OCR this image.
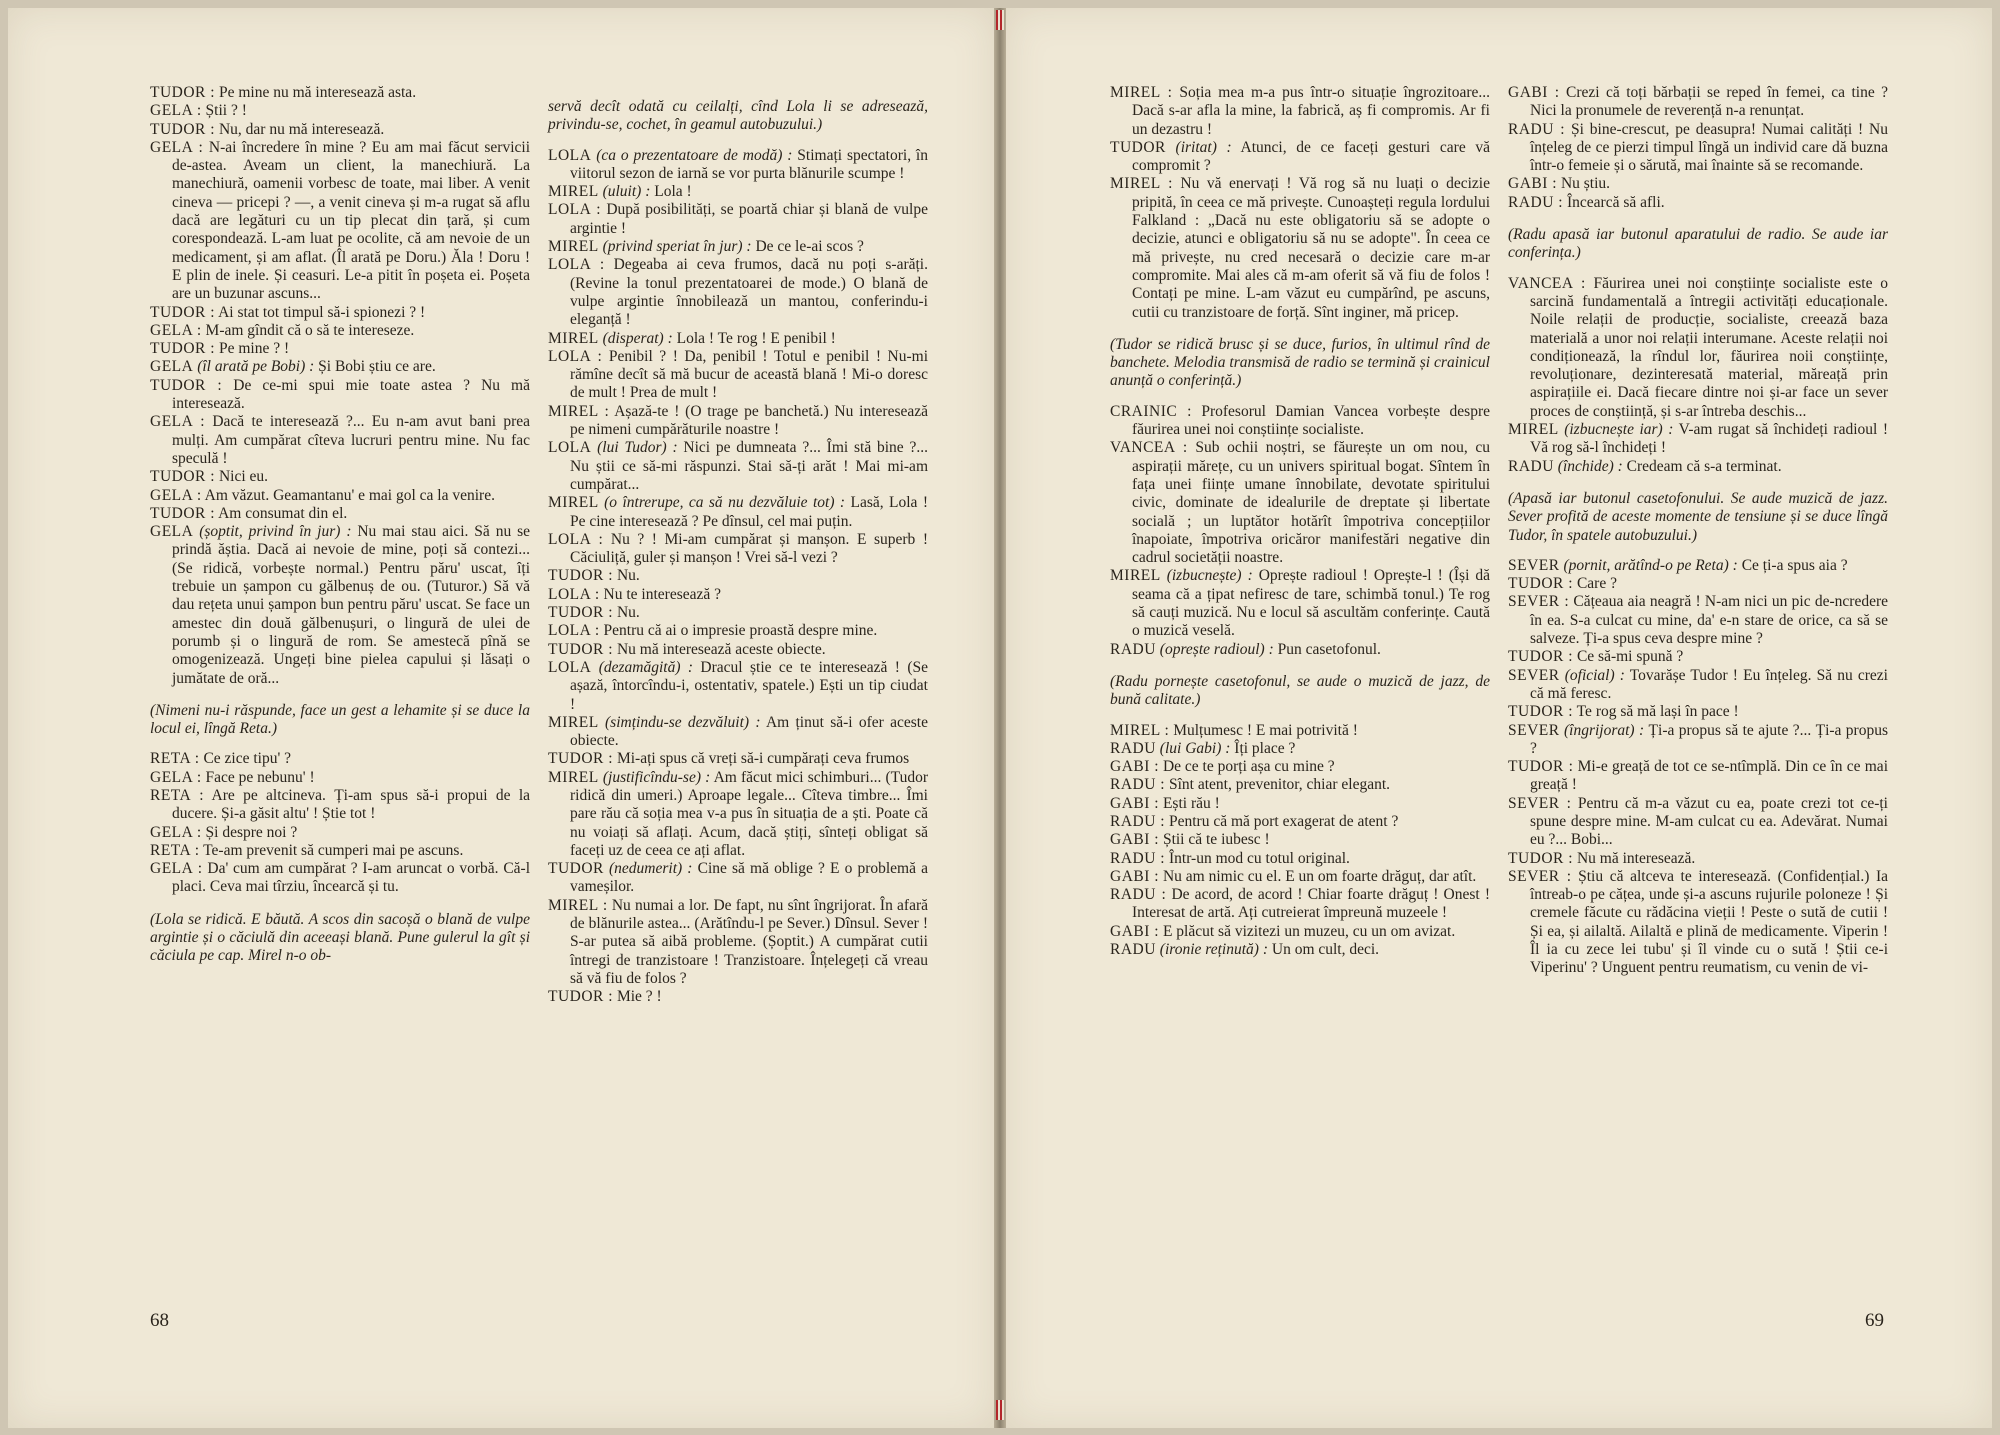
TUDOR : Pe mine nu mă interesează asta.

GELA : Știi ? !

TUDOR : Nu, dar nu mă interesează.

GELA : N-ai încredere în mine ? Eu am mai făcut servicii de-astea. Aveam un client, la manechiură. La manechiură, oamenii vorbesc de toate, mai liber. A venit cineva — pricepi ? —, a venit cineva și m-a rugat să aflu dacă are legături cu un tip plecat din țară, și cum corespondează. L-am luat pe ocolite, că am nevoie de un medicament, și am aflat. (Îl arată pe Doru.) Ăla ! Doru ! E plin de inele. Și ceasuri. Le-a pitit în poșeta ei. Poșeta are un buzunar ascuns...

TUDOR : Ai stat tot timpul să-i spionezi ? !

GELA : M-am gîndit că o să te intereseze.

TUDOR : Pe mine ? !

GELA (îl arată pe Bobi) : Și Bobi știu ce are.

TUDOR : De ce-mi spui mie toate astea ? Nu mă interesează.

GELA : Dacă te interesează ?... Eu n-am avut bani prea mulți. Am cumpărat cîteva lucruri pentru mine. Nu fac speculă !

TUDOR : Nici eu.

GELA : Am văzut. Geamantanu' e mai gol ca la venire.

TUDOR : Am consumat din el.

GELA (șoptit, privind în jur) : Nu mai stau aici. Să nu se prindă ăștia. Dacă ai nevoie de mine, poți să contezi... (Se ridică, vorbește normal.) Pentru păru' uscat, îți trebuie un șampon cu gălbenuș de ou. (Tuturor.) Să vă dau rețeta unui șampon bun pentru păru' uscat. Se face un amestec din două gălbenușuri, o lingură de ulei de porumb și o lingură de rom. Se amestecă pînă se omogenizează. Ungeți bine pielea capului și lăsați o jumătate de oră...

(Nimeni nu-i răspunde, face un gest a lehamite și se duce la locul ei, lîngă Reta.)

RETA : Ce zice tipu' ?

GELA : Face pe nebunu' !

RETA : Are pe altcineva. Ți-am spus să-i propui de la ducere. Și-a găsit altu' ! Știe tot !

GELA : Și despre noi ?

RETA : Te-am prevenit să cumperi mai pe ascuns.

GELA : Da' cum am cumpărat ? I-am aruncat o vorbă. Că-l placi. Ceva mai tîrziu, încearcă și tu.

(Lola se ridică. E băută. A scos din sacoșă o blană de vulpe argintie și o căciulă din aceeași blană. Pune gulerul la gît și căciula pe cap. Mirel n-o ob-

servă decît odată cu ceilalți, cînd Lola li se adresează, privindu-se, cochet, în geamul autobuzului.)

LOLA (ca o prezentatoare de modă) : Stimați spectatori, în viitorul sezon de iarnă se vor purta blănurile scumpe !

MIREL (uluit) : Lola !

LOLA : După posibilități, se poartă chiar și blană de vulpe argintie !

MIREL (privind speriat în jur) : De ce le-ai scos ?

LOLA : Degeaba ai ceva frumos, dacă nu poți s-arăți. (Revine la tonul prezentatoarei de mode.) O blană de vulpe argintie înnobilează un mantou, conferindu-i eleganță !

MIREL (disperat) : Lola ! Te rog ! E penibil !

LOLA : Penibil ? ! Da, penibil ! Totul e penibil ! Nu-mi rămîne decît să mă bucur de această blană ! Mi-o doresc de mult ! Prea de mult !

MIREL : Așază-te ! (O trage pe banchetă.) Nu interesează pe nimeni cumpărăturile noastre !

LOLA (lui Tudor) : Nici pe dumneata ?... Îmi stă bine ?... Nu știi ce să-mi răspunzi. Stai să-ți arăt ! Mai mi-am cumpărat...

MIREL (o întrerupe, ca să nu dezvăluie tot) : Lasă, Lola ! Pe cine interesează ? Pe dînsul, cel mai puțin.

LOLA : Nu ? ! Mi-am cumpărat și manșon. E superb ! Căciuliță, guler și manșon ! Vrei să-l vezi ?

TUDOR : Nu.

LOLA : Nu te interesează ?

TUDOR : Nu.

LOLA : Pentru că ai o impresie proastă despre mine.

TUDOR : Nu mă interesează aceste obiecte.

LOLA (dezamăgită) : Dracul știe ce te interesează ! (Se așază, întorcîndu-i, ostentativ, spatele.) Ești un tip ciudat !

MIREL (simțindu-se dezvăluit) : Am ținut să-i ofer aceste obiecte.

TUDOR : Mi-ați spus că vreți să-i cumpărați ceva frumos

MIREL (justificîndu-se) : Am făcut mici schimburi... (Tudor ridică din umeri.) Aproape legale... Cîteva timbre... Îmi pare rău că soția mea v-a pus în situația de a ști. Poate că nu voiați să aflați. Acum, dacă știți, sînteți obligat să faceți uz de ceea ce ați aflat.

TUDOR (nedumerit) : Cine să mă oblige ? E o problemă a vameșilor.

MIREL : Nu numai a lor. De fapt, nu sînt îngrijorat. În afară de blănurile astea... (Arătîndu-l pe Sever.) Dînsul. Sever ! S-ar putea să aibă probleme. (Șoptit.) A cumpărat cutii întregi de tranzistoare ! Tranzistoare. Înțelegeți că vreau să vă fiu de folos ?

TUDOR : Mie ? !

MIREL : Soția mea m-a pus într-o situație îngrozitoare... Dacă s-ar afla la mine, la fabrică, aș fi compromis. Ar fi un dezastru !

TUDOR (iritat) : Atunci, de ce faceți gesturi care vă compromit ?

MIREL : Nu vă enervați ! Vă rog să nu luați o decizie pripită, în ceea ce mă privește. Cunoașteți regula lordului Falkland : „Dacă nu este obligatoriu să se adopte o decizie, atunci e obligatoriu să nu se adopte". În ceea ce mă privește, nu cred necesară o decizie care m-ar compromite. Mai ales că m-am oferit să vă fiu de folos ! Contați pe mine. L-am văzut eu cumpărînd, pe ascuns, cutii cu tranzistoare de forță. Sînt inginer, mă pricep.

(Tudor se ridică brusc și se duce, furios, în ultimul rînd de banchete. Melodia transmisă de radio se termină și crainicul anunță o conferință.)

CRAINIC : Profesorul Damian Vancea vorbește despre făurirea unei noi conștiințe socialiste.

VANCEA : Sub ochii noștri, se făurește un om nou, cu aspirații mărețe, cu un univers spiritual bogat. Sîntem în fața unei ființe umane înnobilate, devotate spiritului civic, dominate de idealurile de dreptate și libertate socială ; un luptător hotărît împotriva concepțiilor înapoiate, împotriva oricăror manifestări negative din cadrul societății noastre.

MIREL (izbucnește) : Oprește radioul ! Oprește-l ! (Își dă seama că a țipat nefiresc de tare, schimbă tonul.) Te rog să cauți muzică. Nu e locul să ascultăm conferințe. Caută o muzică veselă.

RADU (oprește radioul) : Pun casetofonul.

(Radu pornește casetofonul, se aude o muzică de jazz, de bună calitate.)

MIREL : Mulțumesc ! E mai potrivită !

RADU (lui Gabi) : Îți place ?

GABI : De ce te porți așa cu mine ?

RADU : Sînt atent, prevenitor, chiar elegant.

GABI : Ești rău !

RADU : Pentru că mă port exagerat de atent ?

GABI : Știi că te iubesc !

RADU : Într-un mod cu totul original.

GABI : Nu am nimic cu el. E un om foarte drăguț, dar atît.

RADU : De acord, de acord ! Chiar foarte drăguț ! Onest ! Interesat de artă. Ați cutreierat împreună muzeele !

GABI : E plăcut să vizitezi un muzeu, cu un om avizat.

RADU (ironie reținută) : Un om cult, deci.

GABI : Crezi că toți bărbații se reped în femei, ca tine ? Nici la pronumele de reverență n-a renunțat.

RADU : Și bine-crescut, pe deasupra! Numai calități ! Nu înțeleg de ce pierzi timpul lîngă un individ care dă buzna într-o femeie și o sărută, mai înainte să se recomande.

GABI : Nu știu.

RADU : Încearcă să afli.

(Radu apasă iar butonul aparatului de radio. Se aude iar conferința.)

VANCEA : Făurirea unei noi conștiințe socialiste este o sarcină fundamentală a întregii activități educaționale. Noile relații de producție, socialiste, creează baza materială a unor noi relații interumane. Aceste relații noi condiționează, la rîndul lor, făurirea noii conștiințe, revoluționare, dezinteresată material, măreață prin aspirațiile ei. Dacă fiecare dintre noi și-ar face un sever proces de conștiință, și s-ar întreba deschis...

MIREL (izbucnește iar) : V-am rugat să închideți radioul ! Vă rog să-l închideți !

RADU (închide) : Credeam că s-a terminat.

(Apasă iar butonul casetofonului. Se aude muzică de jazz. Sever profită de aceste momente de tensiune și se duce lîngă Tudor, în spatele autobuzului.)

SEVER (pornit, arătînd-o pe Reta) : Ce ți-a spus aia ?

TUDOR : Care ?

SEVER : Cățeaua aia neagră ! N-am nici un pic de-ncredere în ea. S-a culcat cu mine, da' e-n stare de orice, ca să se salveze. Ți-a spus ceva despre mine ?

TUDOR : Ce să-mi spună ?

SEVER (oficial) : Tovarășe Tudor ! Eu înțeleg. Să nu crezi că mă feresc.

TUDOR : Te rog să mă lași în pace !

SEVER (îngrijorat) : Ți-a propus să te ajute ?... Ți-a propus ?

TUDOR : Mi-e greață de tot ce se-ntîmplă. Din ce în ce mai greață !

SEVER : Pentru că m-a văzut cu ea, poate crezi tot ce-ți spune despre mine. M-am culcat cu ea. Adevărat. Numai eu ?... Bobi...

TUDOR : Nu mă interesează.

SEVER : Știu că altceva te interesează. (Confidențial.) Ia întreab-o pe cățea, unde și-a ascuns rujurile poloneze ! Și cremele făcute cu rădăcina vieții ! Peste o sută de cutii ! Și ea, și ailaltă. Ailaltă e plină de medicamente. Viperin ! Îl ia cu zece lei tubu' și îl vinde cu o sută ! Știi ce-i Viperinu' ? Unguent pentru reumatism, cu venin de vi-

68	69
